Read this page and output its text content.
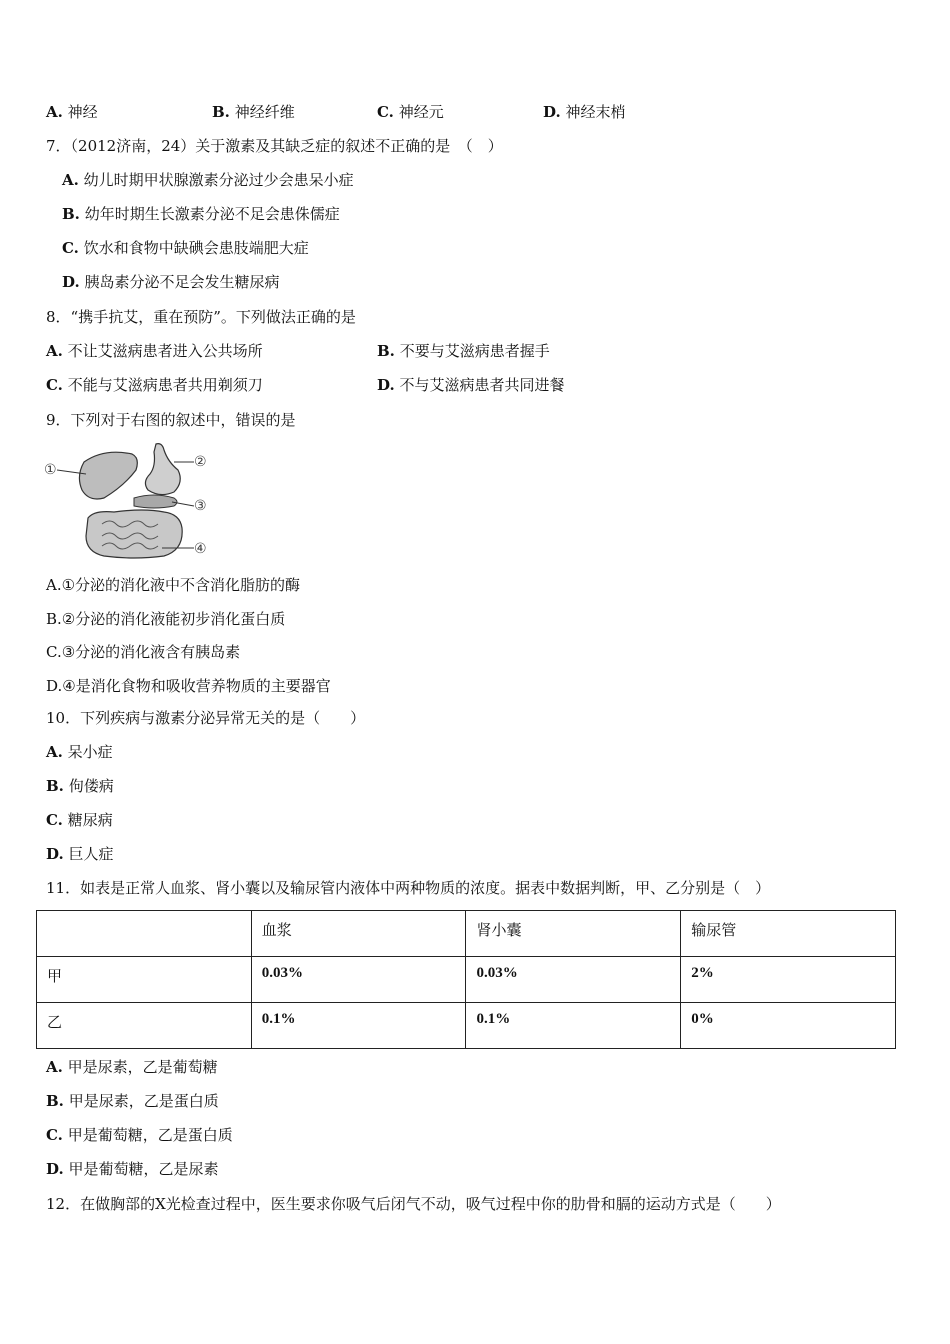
A. 神经	B. 神经纤维	C. 神经元	D. 神经末梢
7．（2012济南，24）关于激素及其缺乏症的叙述不正确的是　（　）
A. 幼儿时期甲状腺激素分泌过少会患呆小症
B. 幼年时期生长激素分泌不足会患侏儒症
C. 饮水和食物中缺碘会患肢端肥大症
D. 胰岛素分泌不足会发生糖尿病
8．“携手抗艾，重在预防”。下列做法正确的是
A. 不让艾滋病患者进入公共场所	B. 不要与艾滋病患者握手
C. 不能与艾滋病患者共用剃须刀	D. 不与艾滋病患者共同进餐
9．下列对于右图的叙述中，错误的是
①	②
③
④
A.①分泌的消化液中不含消化脂肪的酶
B.②分泌的消化液能初步消化蛋白质
C.③分泌的消化液含有胰岛素
D.④是消化食物和吸收营养物质的主要器官
10．下列疾病与激素分泌异常无关的是（　　）
A. 呆小症
B. 佝偻病
C. 糖尿病
D. 巨人症
11．如表是正常人血浆、肾小囊以及输尿管内液体中两种物质的浓度。据表中数据判断，甲、乙分别是（　）
	血浆	肾小囊	输尿管
甲	0.03%	0.03%	2%
乙	0.1%	0.1%	0%
A. 甲是尿素，乙是葡萄糖
B. 甲是尿素，乙是蛋白质
C. 甲是葡萄糖，乙是蛋白质
D. 甲是葡萄糖，乙是尿素
12．在做胸部的X光检查过程中，医生要求你吸气后闭气不动，吸气过程中你的肋骨和膈的运动方式是（　　）
